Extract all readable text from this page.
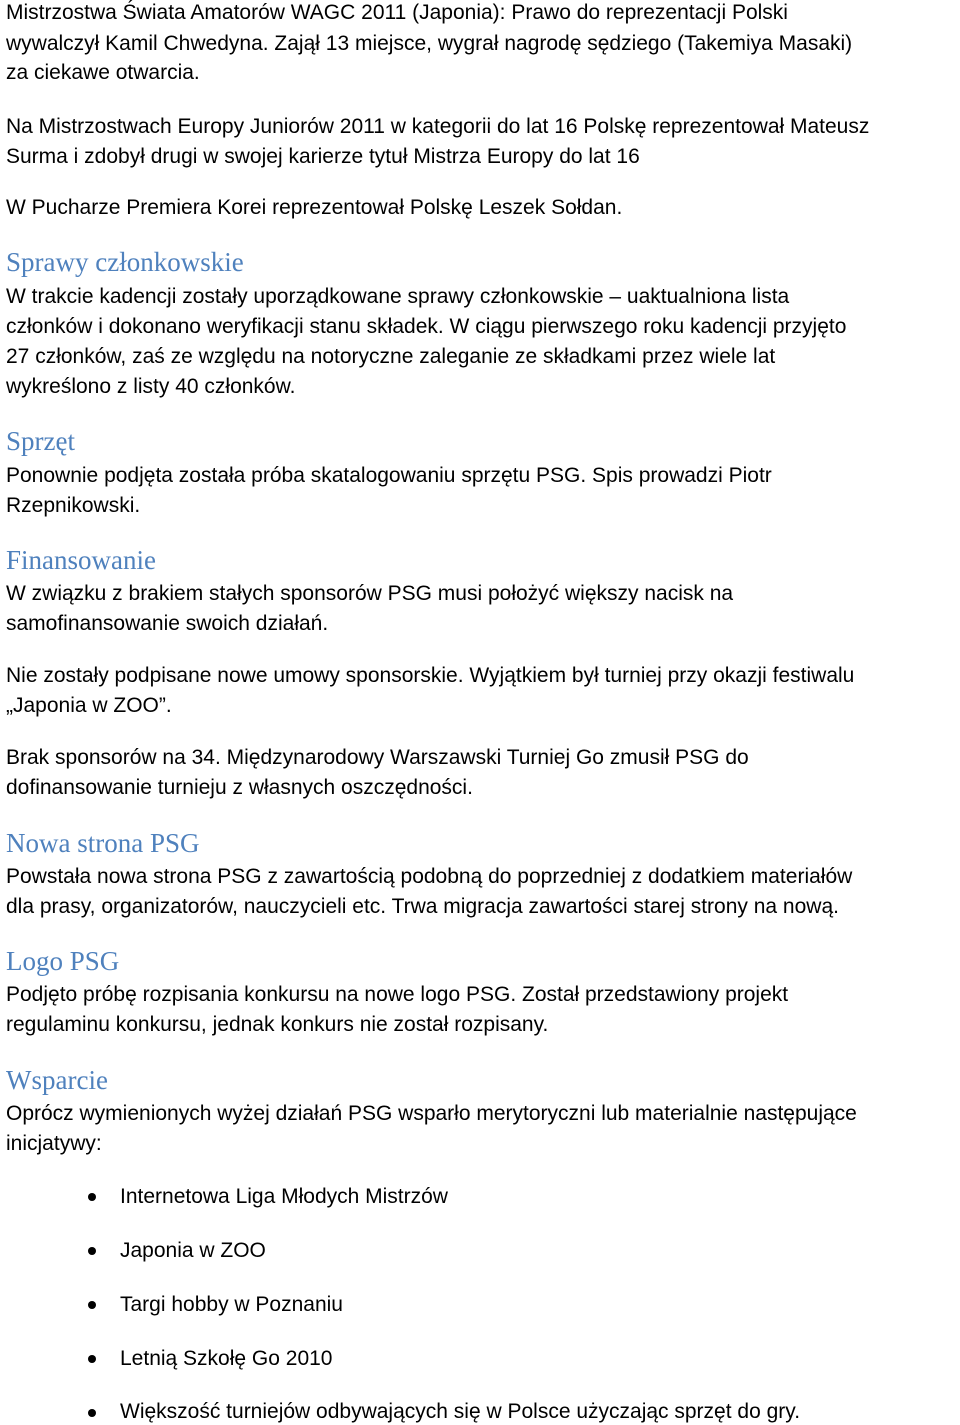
Mistrzostwa Świata Amatorów WAGC 2011 (Japonia): Prawo do reprezentacji Polski

wywalczył Kamil Chwedyna. Zajął 13 miejsce, wygrał nagrodę sędziego (Takemiya Masaki)

za ciekawe otwarcia.

Na Mistrzostwach Europy Juniorów 2011 w kategorii do lat 16 Polskę reprezentował Mateusz

Surma i zdobył drugi w swojej karierze tytuł Mistrza Europy do lat 16

W Pucharze Premiera Korei reprezentował Polskę Leszek Sołdan.

Sprawy członkowskie

W trakcie kadencji zostały uporządkowane sprawy członkowskie – uaktualniona lista

członków i dokonano weryfikacji stanu składek. W ciągu pierwszego roku kadencji przyjęto

27 członków, zaś ze względu na notoryczne zaleganie ze składkami przez wiele lat

wykreślono z listy 40 członków.

Sprzęt

Ponownie podjęta została próba skatalogowaniu sprzętu PSG. Spis prowadzi Piotr

Rzepnikowski.

Finansowanie

W związku z brakiem stałych sponsorów PSG musi położyć większy nacisk na

samofinansowanie swoich działań.

Nie zostały podpisane nowe umowy sponsorskie. Wyjątkiem był turniej przy okazji festiwalu

„Japonia w ZOO”.

Brak sponsorów na 34. Międzynarodowy Warszawski Turniej Go zmusił PSG do

dofinansowanie turnieju z własnych oszczędności.

Nowa strona PSG

Powstała nowa strona PSG z zawartością podobną do poprzedniej z dodatkiem materiałów

dla prasy, organizatorów, nauczycieli etc. Trwa migracja zawartości starej strony na nową.

Logo PSG

Podjęto próbę rozpisania konkursu na nowe logo PSG. Został przedstawiony projekt

regulaminu konkursu, jednak konkurs nie został rozpisany.

Wsparcie

Oprócz wymienionych wyżej działań PSG wsparło merytoryczni lub materialnie następujące

inicjatywy:

Internetowa Liga Młodych Mistrzów
Japonia w ZOO
Targi hobby w Poznaniu
Letnią Szkołę Go 2010
Większość turniejów odbywających się w Polsce użyczając sprzęt do gry.
